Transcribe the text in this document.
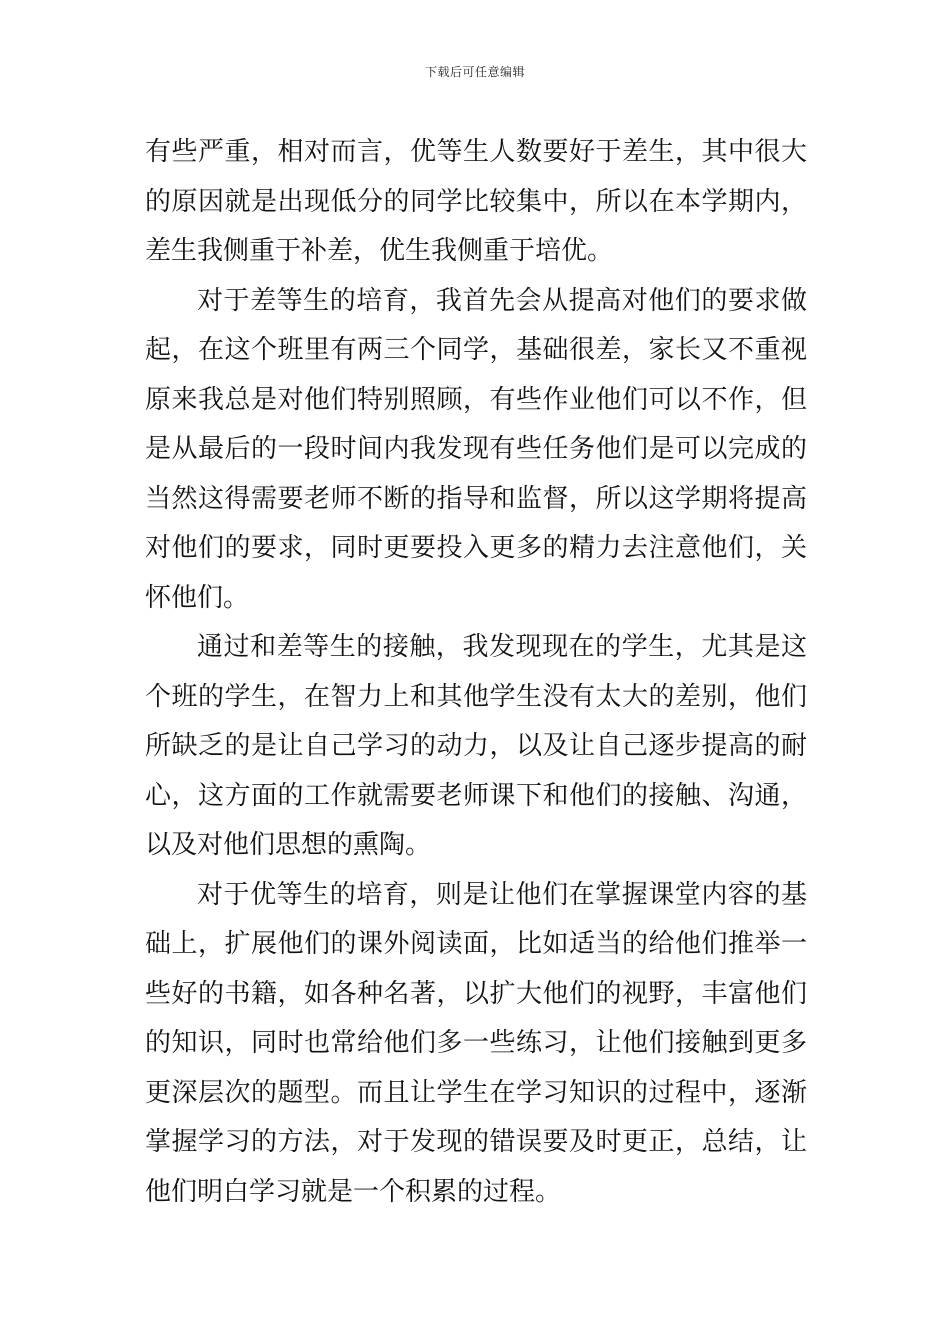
下载后可任意编辑
有些严重，相对而言，优等生人数要好于差生，其中很大
的原因就是出现低分的同学比较集中，所以在本学期内，
差生我侧重于补差，优生我侧重于培优。
对于差等生的培育，我首先会从提高对他们的要求做
起，在这个班里有两三个同学，基础很差，家长又不重视
原来我总是对他们特别照顾，有些作业他们可以不作，但
是从最后的一段时间内我发现有些任务他们是可以完成的
当然这得需要老师不断的指导和监督，所以这学期将提高
对他们的要求，同时更要投入更多的精力去注意他们，关
怀他们。
通过和差等生的接触，我发现现在的学生，尤其是这
个班的学生，在智力上和其他学生没有太大的差别，他们
所缺乏的是让自己学习的动力，以及让自己逐步提高的耐
心，这方面的工作就需要老师课下和他们的接触、沟通，
以及对他们思想的熏陶。
对于优等生的培育，则是让他们在掌握课堂内容的基
础上，扩展他们的课外阅读面，比如适当的给他们推举一
些好的书籍，如各种名著，以扩大他们的视野，丰富他们
的知识，同时也常给他们多一些练习，让他们接触到更多
更深层次的题型。而且让学生在学习知识的过程中，逐渐
掌握学习的方法，对于发现的错误要及时更正，总结，让
他们明白学习就是一个积累的过程。
